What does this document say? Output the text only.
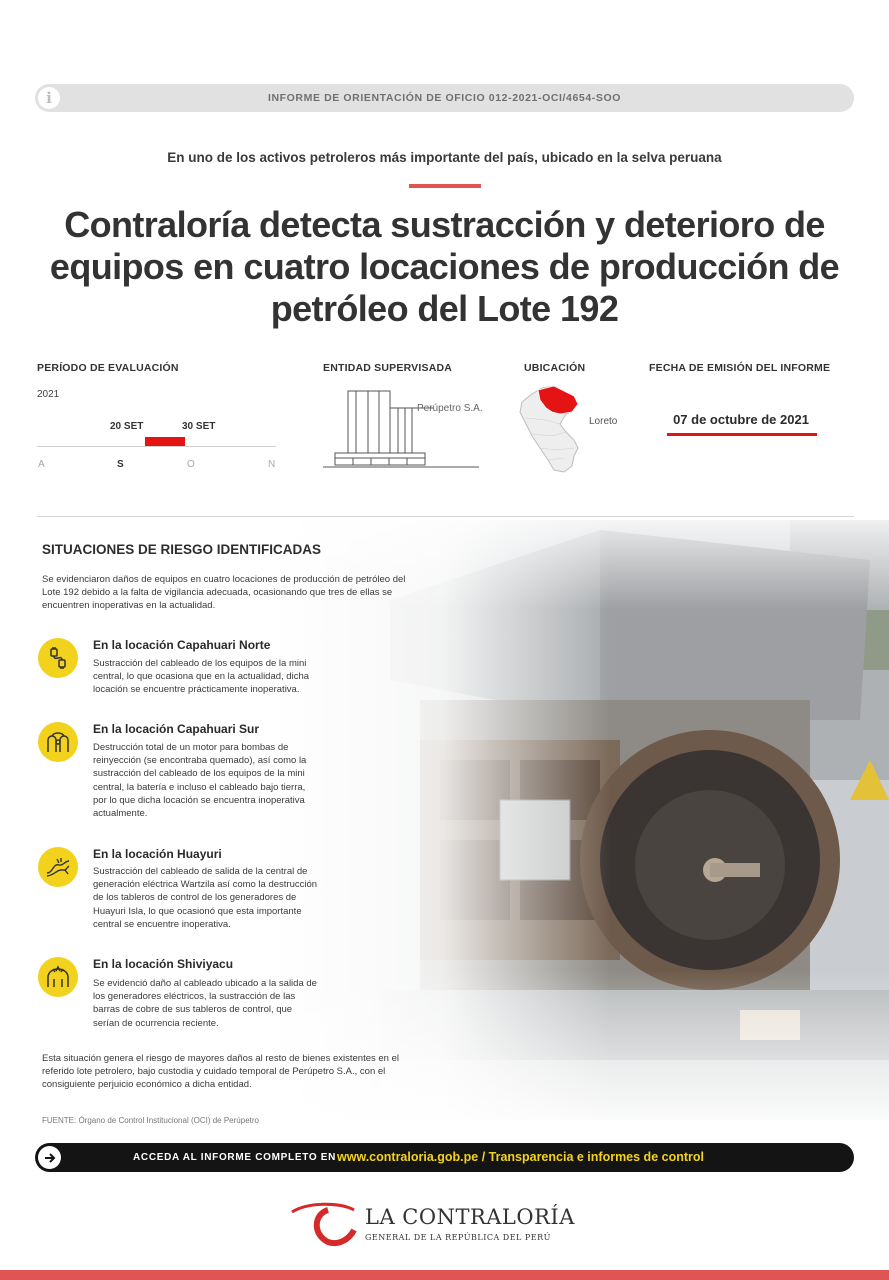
i	INFORME DE ORIENTACIÓN DE OFICIO 012-2021-OCI/4654-SOO
En uno de los activos petroleros más importante del país, ubicado en la selva peruana
Contraloría detecta sustracción y deterioro de equipos en cuatro locaciones de producción de petróleo del Lote 192
PERÍODO DE EVALUACIÓN
2021
20 SET	30 SET
A	S	O	N
ENTIDAD SUPERVISADA
Perúpetro S.A.
UBICACIÓN
Loreto
FECHA DE EMISIÓN DEL INFORME
07 de octubre de 2021
SITUACIONES DE RIESGO IDENTIFICADAS
Se evidenciaron daños de equipos en cuatro locaciones de producción de petróleo del Lote 192 debido a la falta de vigilancia adecuada, ocasionando que tres de ellas se encuentren inoperativas en la actualidad.
En la locación Capahuari Norte
Sustracción del cableado de los equipos de la mini central, lo que ocasiona que en la actualidad, dicha locación se encuentre prácticamente inoperativa.
En la locación Capahuari Sur
Destrucción total de un motor para bombas de reinyección (se encontraba quemado), así como la sustracción del cableado de los equipos de la mini central, la batería e incluso el cableado bajo tierra, por lo que dicha locación se encuentra inoperativa actualmente.
En la locación Huayuri
Sustracción del cableado de salida de la central de generación eléctrica Wartzila así como la destrucción de los tableros de control de los generadores de Huayuri Isla, lo que ocasionó que esta importante central se encuentre inoperativa.
En la locación Shiviyacu
Se evidenció daño al cableado ubicado a la salida de los generadores eléctricos, la sustracción de las barras de cobre de sus tableros de control, que serían de ocurrencia reciente.
Esta situación genera el riesgo de mayores daños al resto de bienes existentes en el referido lote petrolero, bajo custodia y cuidado temporal de Perúpetro S.A., con el consiguiente perjuicio económico a dicha entidad.
FUENTE: Órgano de Control Institucional (OCI) de Perúpetro
ACCEDA AL INFORME COMPLETO EN www.contraloria.gob.pe / Transparencia e informes de control
LA CONTRALORÍA
GENERAL DE LA REPÚBLICA DEL PERÚ
